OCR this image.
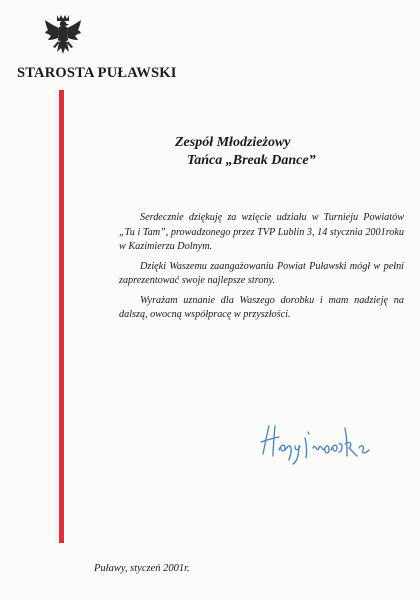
STAROSTA PUŁAWSKI
Zespół Młodzieżowy
Tańca „Break Dance”

Serdecznie dziękuję za wzięcie udziału w Turnieju Powiatów „Tu i Tam”, prowadzonego przez TVP Lublin 3, 14 stycznia 2001roku w Kazimierzu Dolnym.

Dzięki Waszemu zaangażowaniu Powiat Puławski mógł w pełni zaprezentować swoje najlepsze strony.

Wyrażam uznanie dla Waszego dorobku i mam nadzieję na dalszą, owocną współpracę w przyszłości.

Puławy, styczeń 2001r.
